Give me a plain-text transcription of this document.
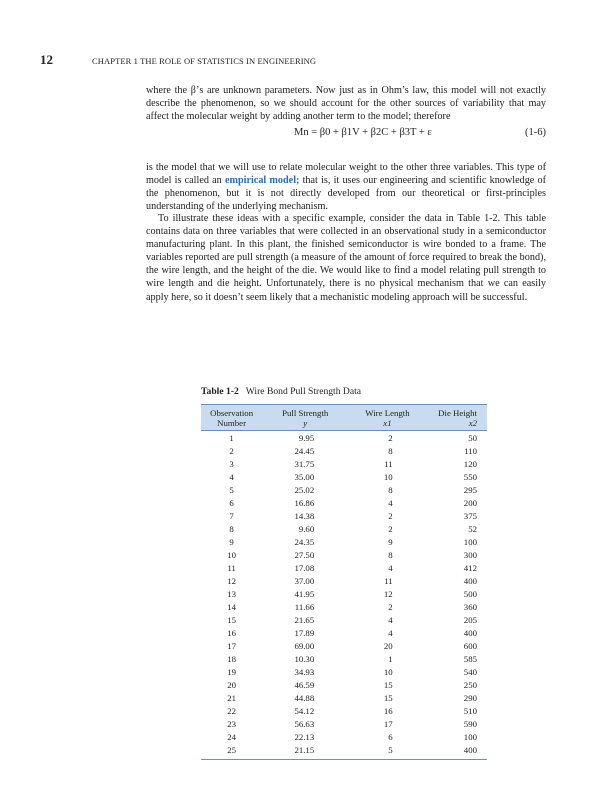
12	CHAPTER 1 THE ROLE OF STATISTICS IN ENGINEERING

where the β’s are unknown parameters. Now just as in Ohm’s law, this model will not exactly describe the phenomenon, so we should account for the other sources of variability that may affect the molecular weight by adding another term to the model; therefore

Mn = β0 + β1V + β2C + β3T + ε	(1-6)

is the model that we will use to relate molecular weight to the other three variables. This type of model is called an empirical model; that is, it uses our engineering and scientific knowledge of the phenomenon, but it is not directly developed from our theoretical or first-principles understanding of the underlying mechanism.

To illustrate these ideas with a specific example, consider the data in Table 1-2. This table contains data on three variables that were collected in an observational study in a semiconductor manufacturing plant. In this plant, the finished semiconductor is wire bonded to a frame. The variables reported are pull strength (a measure of the amount of force required to break the bond), the wire length, and the height of the die. We would like to find a model relating pull strength to wire length and die height. Unfortunately, there is no physical mechanism that we can easily apply here, so it doesn’t seem likely that a mechanistic modeling approach will be successful.

Table 1-2 Wire Bond Pull Strength Data
Observation	Pull Strength	Wire Length	Die Height
Number	y	x1	x2
1	9.95	2	50
2	24.45	8	110
3	31.75	11	120
4	35.00	10	550
5	25.02	8	295
6	16.86	4	200
7	14.38	2	375
8	9.60	2	52
9	24.35	9	100
10	27.50	8	300
11	17.08	4	412
12	37.00	11	400
13	41.95	12	500
14	11.66	2	360
15	21.65	4	205
16	17.89	4	400
17	69.00	20	600
18	10.30	1	585
19	34.93	10	540
20	46.59	15	250
21	44.88	15	290
22	54.12	16	510
23	56.63	17	590
24	22.13	6	100
25	21.15	5	400
